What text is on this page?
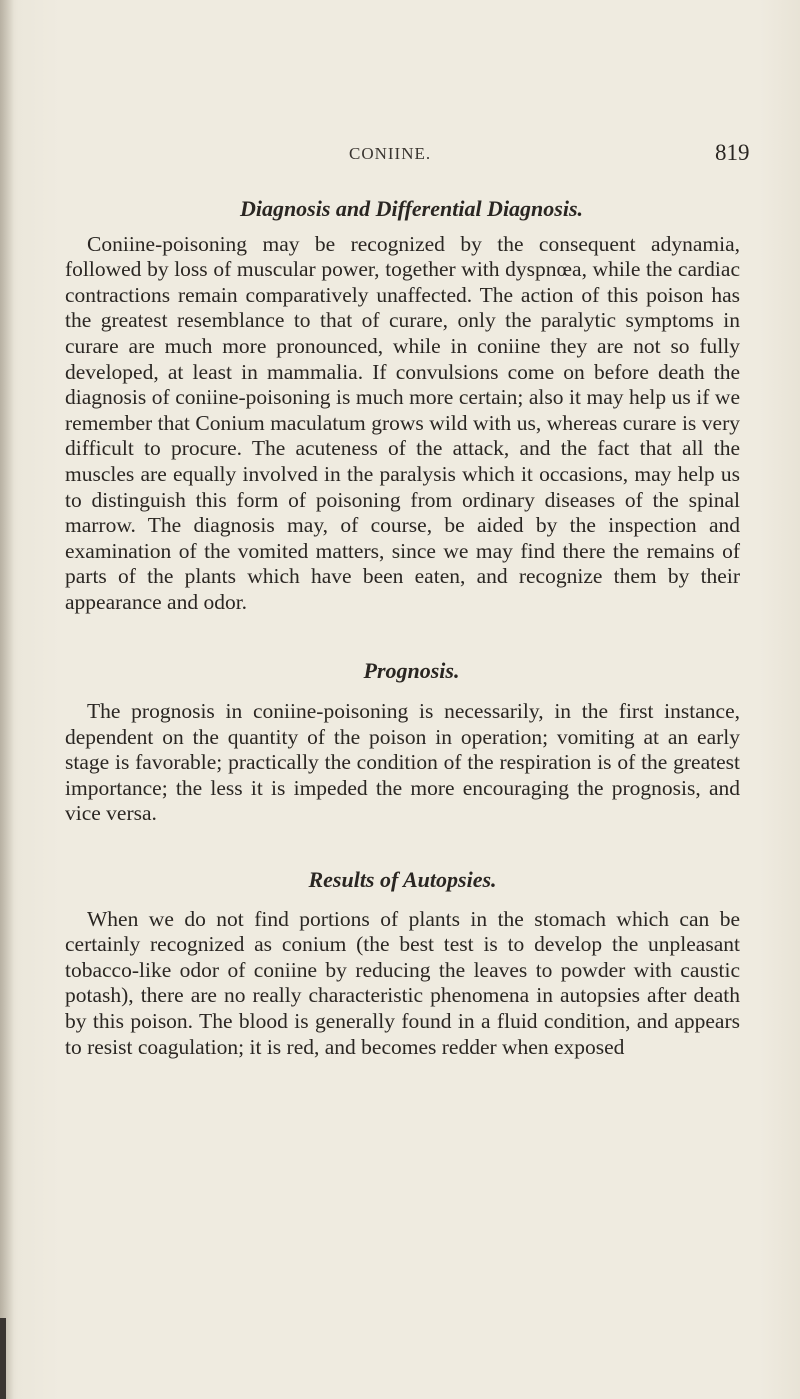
CONIINE.	819
Diagnosis and Differential Diagnosis.

Coniine-poisoning may be recognized by the consequent adynamia, followed by loss of muscular power, together with dyspnœa, while the cardiac contractions remain comparatively unaffected. The action of this poison has the greatest resemblance to that of curare, only the paralytic symptoms in curare are much more pronounced, while in coniine they are not so fully developed, at least in mammalia. If convulsions come on before death the diagnosis of coniine-poisoning is much more certain; also it may help us if we remember that Conium maculatum grows wild with us, whereas curare is very difficult to procure. The acuteness of the attack, and the fact that all the muscles are equally involved in the paralysis which it occasions, may help us to distinguish this form of poisoning from ordinary diseases of the spinal marrow. The diagnosis may, of course, be aided by the inspection and examination of the vomited matters, since we may find there the remains of parts of the plants which have been eaten, and recognize them by their appearance and odor.

Prognosis.

The prognosis in coniine-poisoning is necessarily, in the first instance, dependent on the quantity of the poison in operation; vomiting at an early stage is favorable; practically the condition of the respiration is of the greatest importance; the less it is impeded the more encouraging the prognosis, and vice versa.

Results of Autopsies.

When we do not find portions of plants in the stomach which can be certainly recognized as conium (the best test is to develop the unpleasant tobacco-like odor of coniine by reducing the leaves to powder with caustic potash), there are no really characteristic phenomena in autopsies after death by this poison. The blood is generally found in a fluid condition, and appears to resist coagulation; it is red, and becomes redder when exposed
